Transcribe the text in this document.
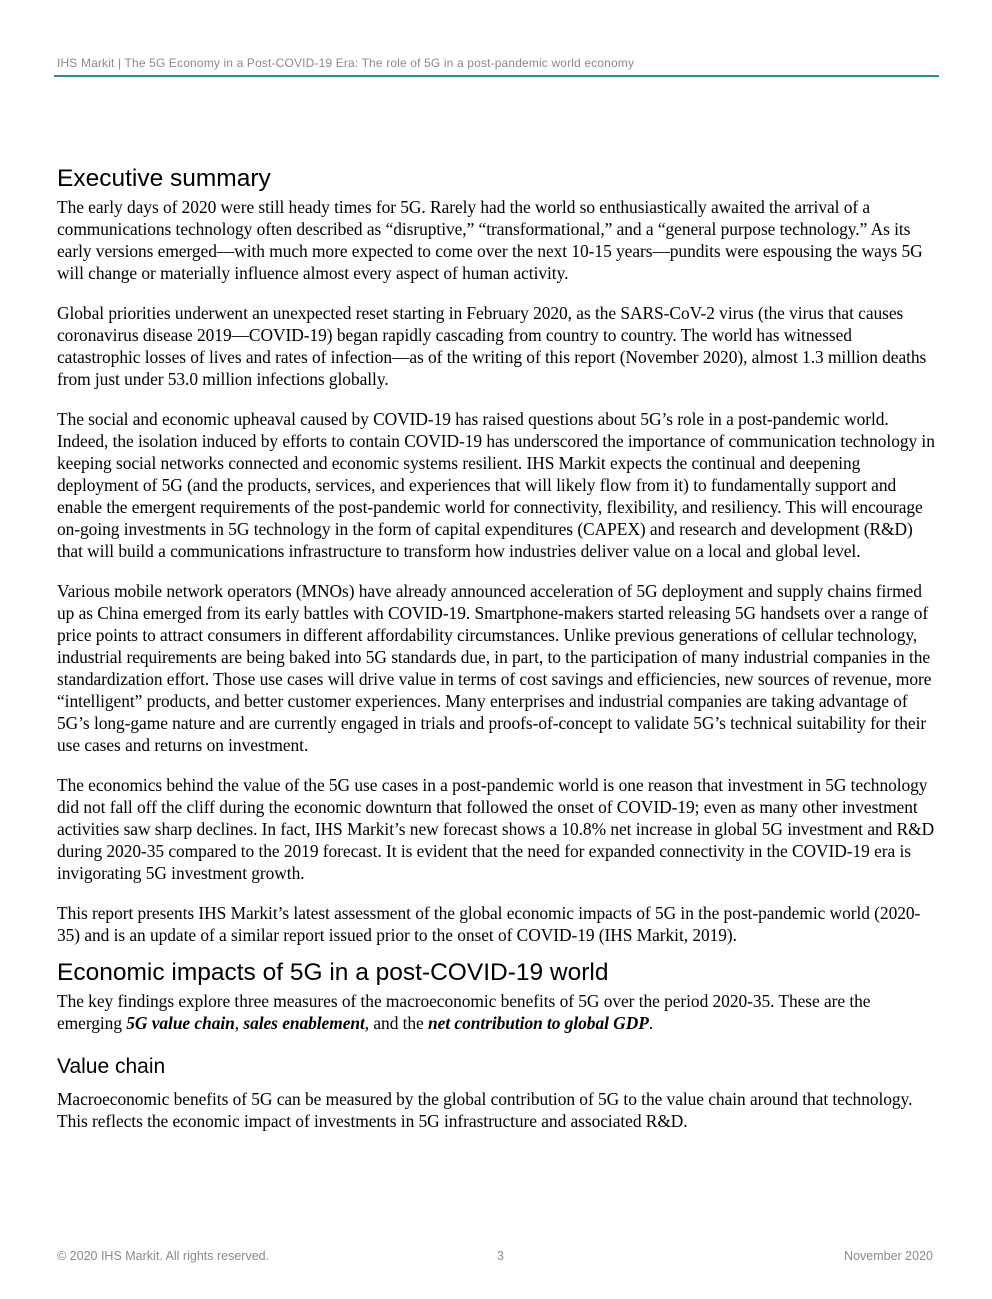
IHS Markit | The 5G Economy in a Post-COVID-19 Era: The role of 5G in a post-pandemic world economy
Executive summary

The early days of 2020 were still heady times for 5G. Rarely had the world so enthusiastically awaited the arrival of a communications technology often described as “disruptive,” “transformational,” and a “general purpose technology.” As its early versions emerged—with much more expected to come over the next 10-15 years—pundits were espousing the ways 5G will change or materially influence almost every aspect of human activity.

Global priorities underwent an unexpected reset starting in February 2020, as the SARS-CoV-2 virus (the virus that causes coronavirus disease 2019—COVID-19) began rapidly cascading from country to country. The world has witnessed catastrophic losses of lives and rates of infection—as of the writing of this report (November 2020), almost 1.3 million deaths from just under 53.0 million infections globally.

The social and economic upheaval caused by COVID-19 has raised questions about 5G’s role in a post-pandemic world. Indeed, the isolation induced by efforts to contain COVID-19 has underscored the importance of communication technology in keeping social networks connected and economic systems resilient. IHS Markit expects the continual and deepening deployment of 5G (and the products, services, and experiences that will likely flow from it) to fundamentally support and enable the emergent requirements of the post-pandemic world for connectivity, flexibility, and resiliency. This will encourage on-going investments in 5G technology in the form of capital expenditures (CAPEX) and research and development (R&D) that will build a communications infrastructure to transform how industries deliver value on a local and global level.

Various mobile network operators (MNOs) have already announced acceleration of 5G deployment and supply chains firmed up as China emerged from its early battles with COVID-19. Smartphone-makers started releasing 5G handsets over a range of price points to attract consumers in different affordability circumstances. Unlike previous generations of cellular technology, industrial requirements are being baked into 5G standards due, in part, to the participation of many industrial companies in the standardization effort. Those use cases will drive value in terms of cost savings and efficiencies, new sources of revenue, more “intelligent” products, and better customer experiences. Many enterprises and industrial companies are taking advantage of 5G’s long-game nature and are currently engaged in trials and proofs-of-concept to validate 5G’s technical suitability for their use cases and returns on investment.

The economics behind the value of the 5G use cases in a post-pandemic world is one reason that investment in 5G technology did not fall off the cliff during the economic downturn that followed the onset of COVID-19; even as many other investment activities saw sharp declines. In fact, IHS Markit’s new forecast shows a 10.8% net increase in global 5G investment and R&D during 2020-35 compared to the 2019 forecast. It is evident that the need for expanded connectivity in the COVID-19 era is invigorating 5G investment growth.

This report presents IHS Markit’s latest assessment of the global economic impacts of 5G in the post-pandemic world (2020-35) and is an update of a similar report issued prior to the onset of COVID-19 (IHS Markit, 2019).

Economic impacts of 5G in a post-COVID-19 world

The key findings explore three measures of the macroeconomic benefits of 5G over the period 2020-35. These are the emerging 5G value chain, sales enablement, and the net contribution to global GDP.

Value chain

Macroeconomic benefits of 5G can be measured by the global contribution of 5G to the value chain around that technology. This reflects the economic impact of investments in 5G infrastructure and associated R&D.

© 2020 IHS Markit. All rights reserved.	3	November 2020
